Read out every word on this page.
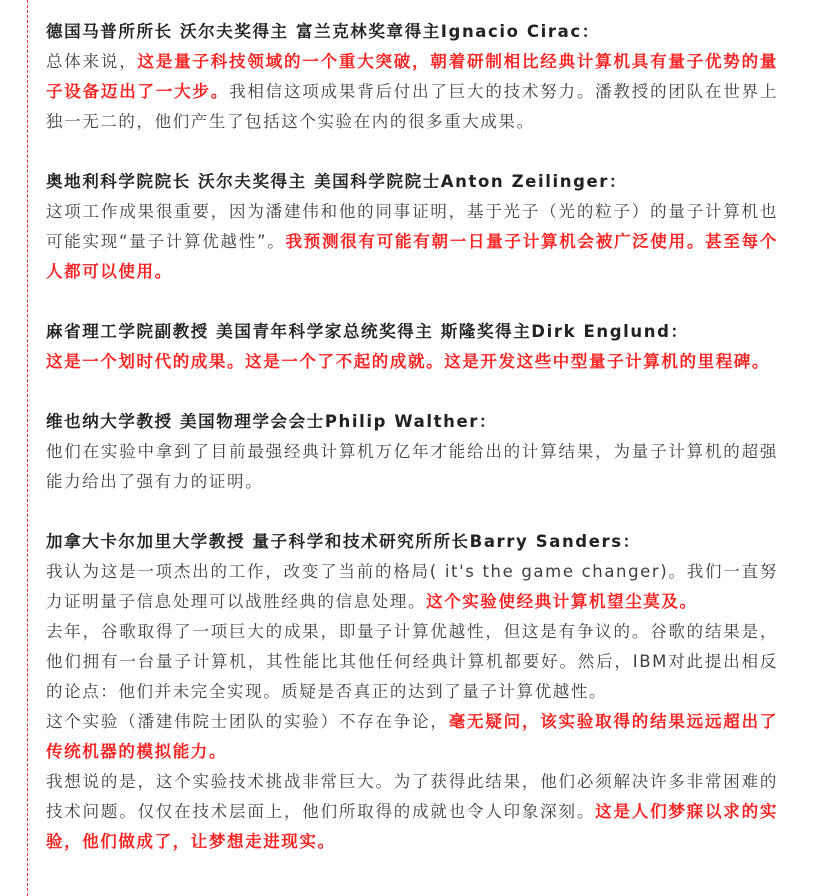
德国马普所所长 沃尔夫奖得主 富兰克林奖章得主Ignacio Cirac：
总体来说，这是量子科技领域的一个重大突破，朝着研制相比经典计算机具有量子优势的量子设备迈出了一大步。我相信这项成果背后付出了巨大的技术努力。潘教授的团队在世界上独一无二的，他们产生了包括这个实验在内的很多重大成果。
奥地利科学院院长 沃尔夫奖得主 美国科学院院士Anton Zeilinger：
这项工作成果很重要，因为潘建伟和他的同事证明，基于光子（光的粒子）的量子计算机也可能实现“量子计算优越性”。我预测很有可能有朝一日量子计算机会被广泛使用。甚至每个人都可以使用。
麻省理工学院副教授 美国青年科学家总统奖得主 斯隆奖得主Dirk Englund：
这是一个划时代的成果。这是一个了不起的成就。这是开发这些中型量子计算机的里程碑。
维也纳大学教授 美国物理学会会士Philip Walther：
他们在实验中拿到了目前最强经典计算机万亿年才能给出的计算结果，为量子计算机的超强能力给出了强有力的证明。
加拿大卡尔加里大学教授 量子科学和技术研究所所长Barry Sanders：
我认为这是一项杰出的工作，改变了当前的格局( it's the game changer)。我们一直努力证明量子信息处理可以战胜经典的信息处理。这个实验使经典计算机望尘莫及。
去年，谷歌取得了一项巨大的成果，即量子计算优越性，但这是有争议的。谷歌的结果是，他们拥有一台量子计算机，其性能比其他任何经典计算机都要好。然后，IBM对此提出相反的论点：他们并未完全实现。质疑是否真正的达到了量子计算优越性。
这个实验（潘建伟院士团队的实验）不存在争论，毫无疑问，该实验取得的结果远远超出了传统机器的模拟能力。
我想说的是，这个实验技术挑战非常巨大。为了获得此结果，他们必须解决许多非常困难的技术问题。仅仅在技术层面上，他们所取得的成就也令人印象深刻。这是人们梦寐以求的实验，他们做成了，让梦想走进现实。
